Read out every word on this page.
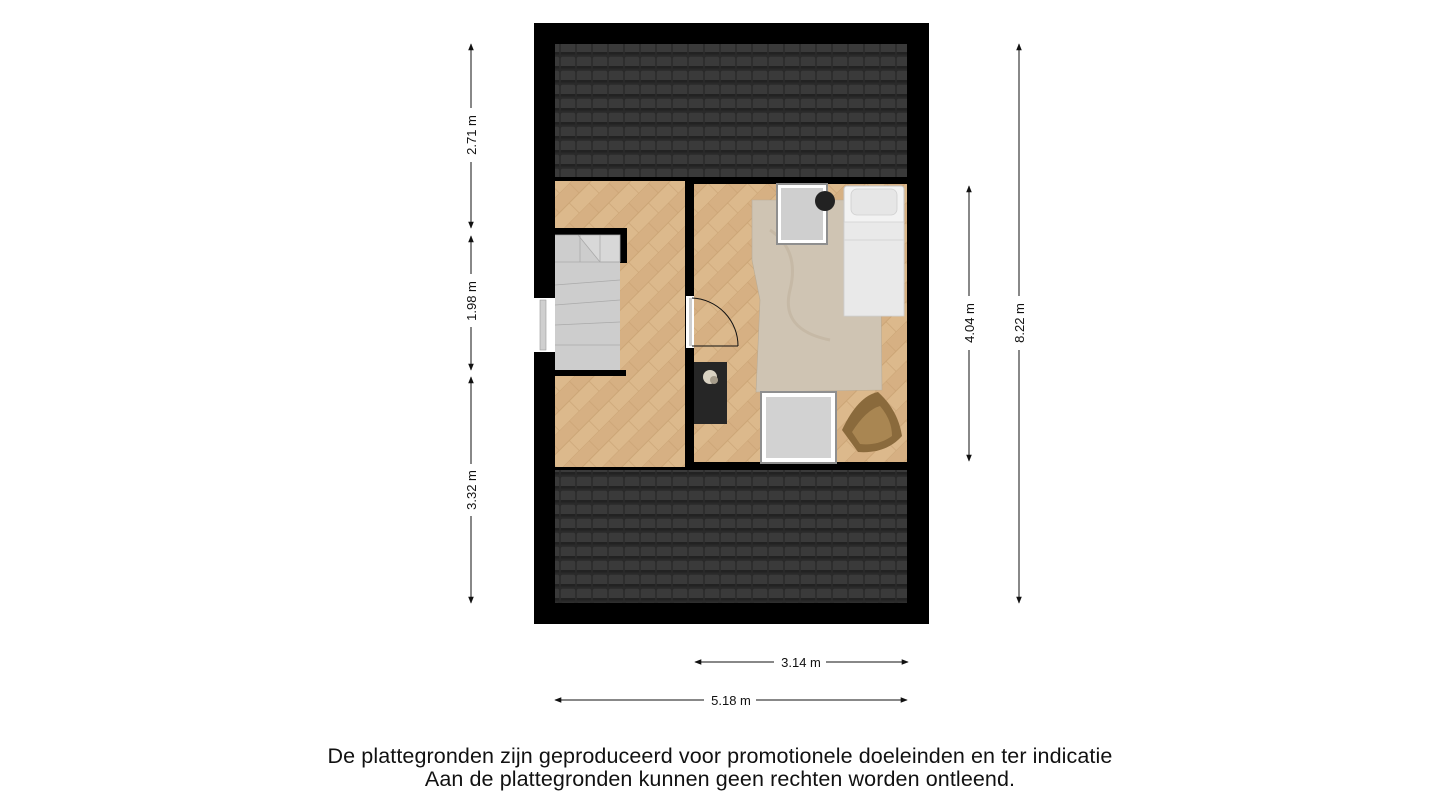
2.71 m
1.98 m
3.32 m
4.04 m	8.22 m
3.14 m
5.18 m
De plattegronden zijn geproduceerd voor promotionele doeleinden en ter indicatie
Aan de plattegronden kunnen geen rechten worden ontleend.
